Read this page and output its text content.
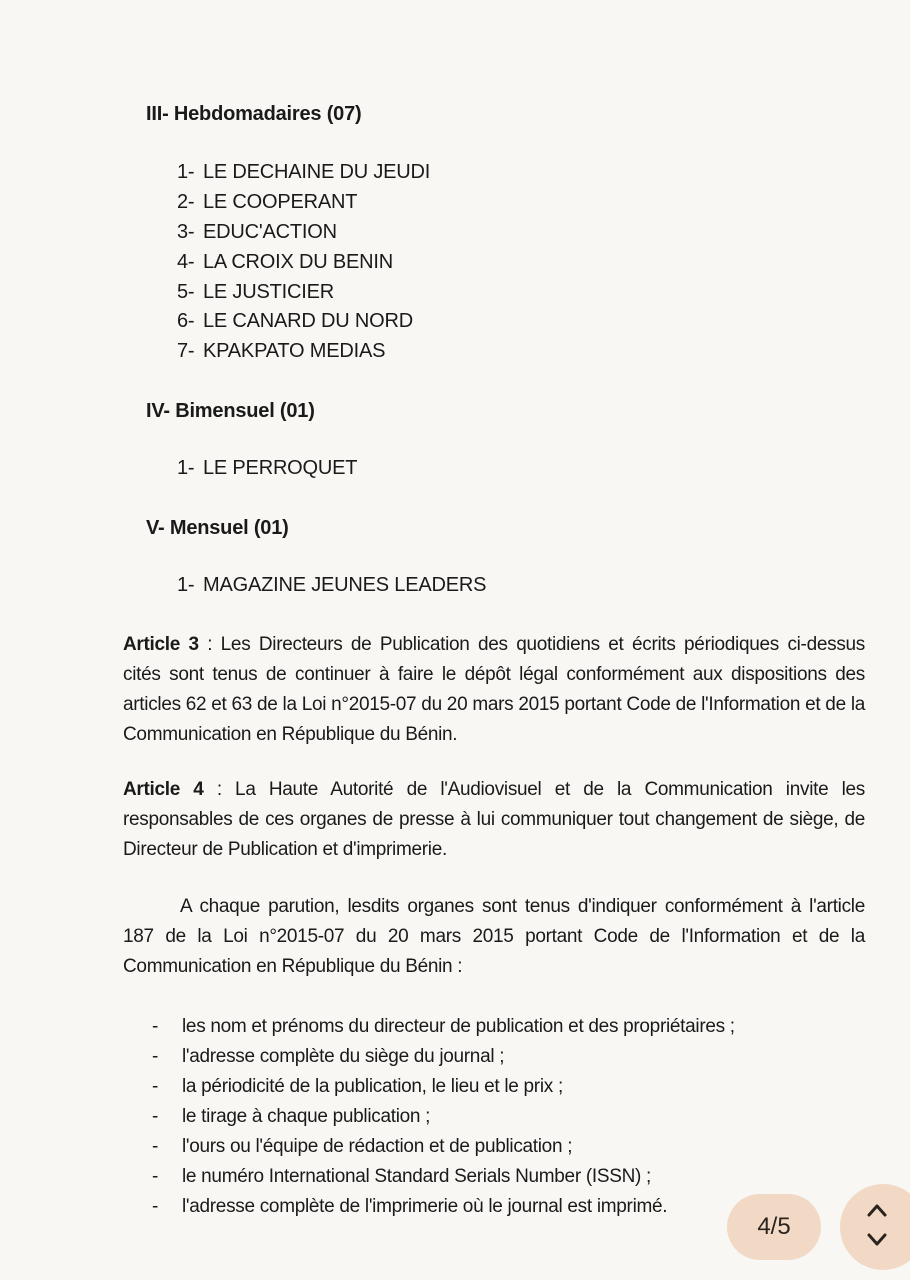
III- Hebdomadaires (07)
1- LE DECHAINE DU JEUDI
2- LE COOPERANT
3- EDUC'ACTION
4- LA CROIX DU BENIN
5- LE JUSTICIER
6- LE CANARD DU NORD
7- KPAKPATO MEDIAS
IV- Bimensuel (01)
1- LE PERROQUET
V- Mensuel (01)
1- MAGAZINE JEUNES LEADERS
Article 3 : Les Directeurs de Publication des quotidiens et écrits périodiques ci-dessus cités sont tenus de continuer à faire le dépôt légal conformément aux dispositions des articles 62 et 63 de la Loi n°2015-07 du 20 mars 2015 portant Code de l'Information et de la Communication en République du Bénin.
Article 4 : La Haute Autorité de l'Audiovisuel et de la Communication invite les responsables de ces organes de presse à lui communiquer tout changement de siège, de Directeur de Publication et d'imprimerie.
A chaque parution, lesdits organes sont tenus d'indiquer conformément à l'article 187 de la Loi n°2015-07 du 20 mars 2015 portant Code de l'Information et de la Communication en République du Bénin :
- les nom et prénoms du directeur de publication et des propriétaires ;
- l'adresse complète du siège du journal ;
- la périodicité de la publication, le lieu et le prix ;
- le tirage à chaque publication ;
- l'ours ou l'équipe de rédaction et de publication ;
- le numéro International Standard Serials Number (ISSN) ;
- l'adresse complète de l'imprimerie où le journal est imprimé.
4/5
